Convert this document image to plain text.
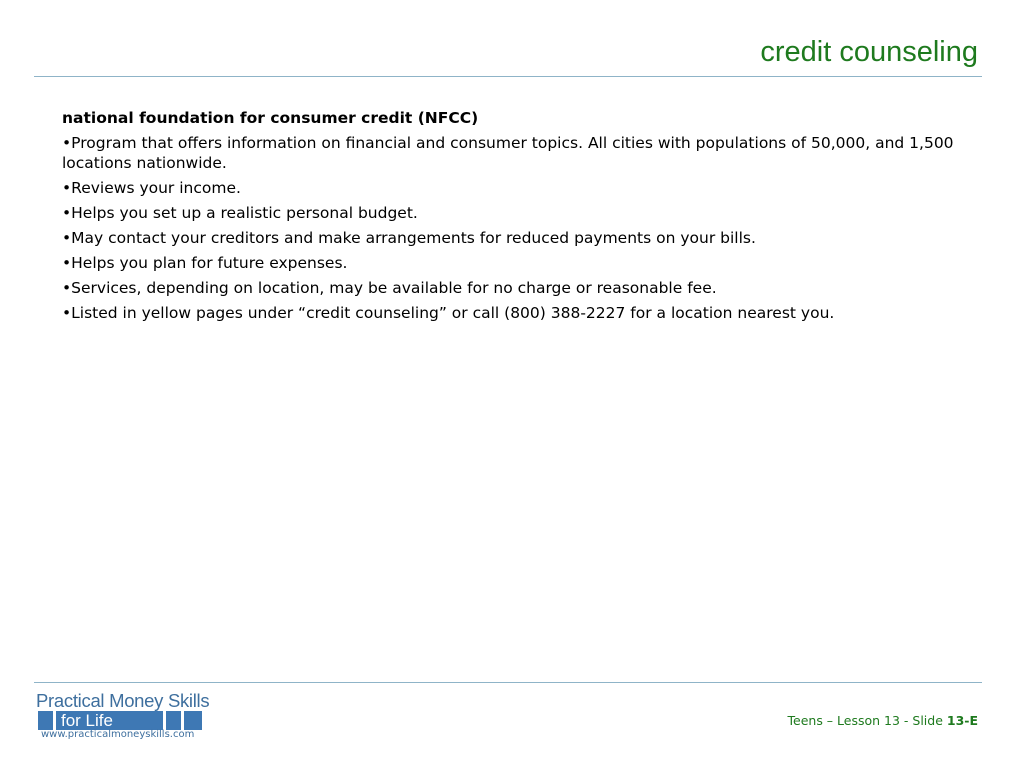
credit counseling

national foundation for consumer credit (NFCC)

•Program that offers information on financial and consumer topics. All cities with populations of 50,000, and 1,500 locations nationwide.

•Reviews your income.

•Helps you set up a realistic personal budget.

•May contact your creditors and make arrangements for reduced payments on your bills.

•Helps you plan for future expenses.

•Services, depending on location, may be available for no charge or reasonable fee.

•Listed in yellow pages under “credit counseling” or call (800) 388-2227 for a location nearest you.

Practical Money Skills
for Life
www.practicalmoneyskills.com
Teens – Lesson 13 - Slide 13-E
